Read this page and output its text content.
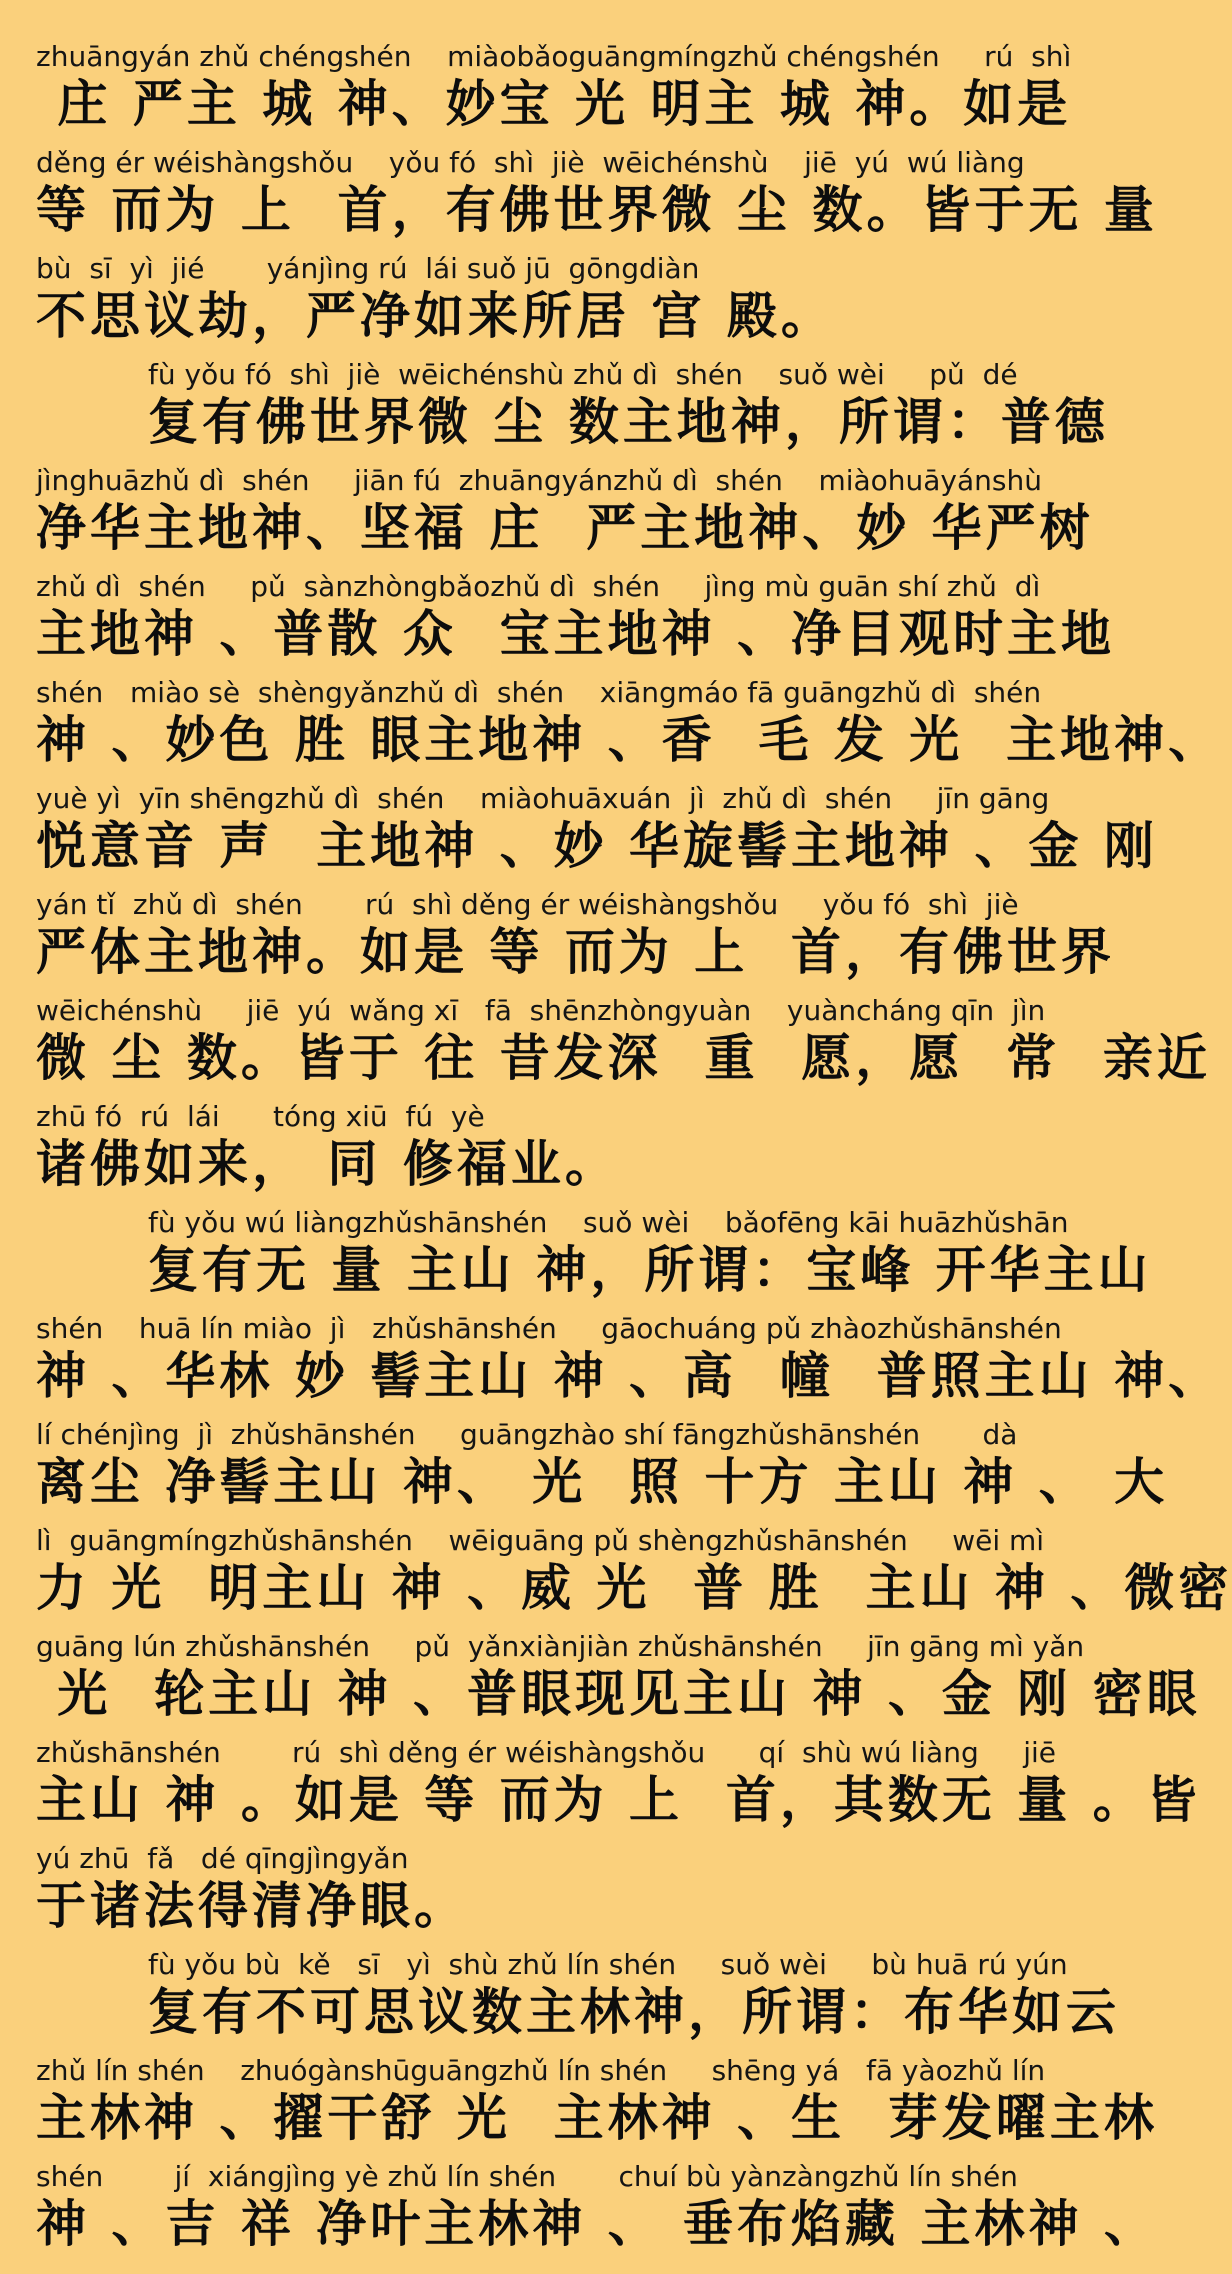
zhuāngyán zhǔ chéngshén    miàobǎoguāngmíngzhǔ chéngshén     rú  shì
庄 严主 城 神、妙宝 光 明主 城 神。如是
děng ér wéishàngshǒu    yǒu fó  shì  jiè  wēichénshù    jiē  yú  wú liàng
等 而为 上  首，有佛世界微 尘 数。皆于无 量
bù  sī  yì  jié       yánjìng rú  lái suǒ jū  gōngdiàn
不思议劫，严净如来所居 宫 殿。
fù yǒu fó  shì  jiè  wēichénshù zhǔ dì  shén    suǒ wèi     pǔ  dé
复有佛世界微 尘 数主地神，所谓：普德
jìnghuāzhǔ dì  shén     jiān fú  zhuāngyánzhǔ dì  shén    miàohuāyánshù
净华主地神、坚福 庄  严主地神、妙 华严树
zhǔ dì  shén     pǔ  sànzhòngbǎozhǔ dì  shén     jìng mù guān shí zhǔ  dì
主地神 、普散 众  宝主地神 、净目观时主地
shén   miào sè  shèngyǎnzhǔ dì  shén    xiāngmáo fā guāngzhǔ dì  shén
神 、妙色 胜 眼主地神 、香  毛 发 光  主地神、
yuè yì  yīn shēngzhǔ dì  shén    miàohuāxuán  jì  zhǔ dì  shén     jīn gāng
悦意音 声  主地神 、妙 华旋髻主地神 、金 刚
yán tǐ  zhǔ dì  shén       rú  shì děng ér wéishàngshǒu     yǒu fó  shì  jiè
严体主地神。如是 等 而为 上  首，有佛世界
wēichénshù     jiē  yú  wǎng xī   fā  shēnzhòngyuàn    yuàncháng qīn  jìn
微 尘 数。皆于 往 昔发深  重  愿，愿  常  亲近
zhū fó  rú  lái      tóng xiū  fú  yè
诸佛如来， 同 修福业。
fù yǒu wú liàngzhǔshānshén    suǒ wèi    bǎofēng kāi huāzhǔshān
复有无 量 主山 神，所谓：宝峰 开华主山
shén    huā lín miào  jì   zhǔshānshén     gāochuáng pǔ zhàozhǔshānshén
神 、华林 妙 髻主山 神 、高  幢  普照主山 神、
lí chénjìng  jì  zhǔshānshén     guāngzhào shí fāngzhǔshānshén       dà
离尘 净髻主山 神、 光  照 十方 主山 神 、 大
lì  guāngmíngzhǔshānshén    wēiguāng pǔ shèngzhǔshānshén     wēi mì
力 光  明主山 神 、威 光  普 胜  主山 神 、微密
guāng lún zhǔshānshén     pǔ  yǎnxiànjiàn zhǔshānshén     jīn gāng mì yǎn
光  轮主山 神 、普眼现见主山 神 、金 刚 密眼
zhǔshānshén        rú  shì děng ér wéishàngshǒu      qí  shù wú liàng     jiē
主山 神 。如是 等 而为 上  首，其数无 量 。皆
yú zhū  fǎ   dé qīngjìngyǎn
于诸法得清净眼。
fù yǒu bù  kě   sī   yì  shù zhǔ lín shén     suǒ wèi     bù huā rú yún
复有不可思议数主林神，所谓：布华如云
zhǔ lín shén    zhuógànshūguāngzhǔ lín shén     shēng yá   fā yàozhǔ lín
主林神 、擢干舒 光  主林神 、生  芽发曜主林
shén        jí  xiángjìng yè zhǔ lín shén       chuí bù yànzàngzhǔ lín shén
神 、吉 祥 净叶主林神 、 垂布焰藏 主林神 、
